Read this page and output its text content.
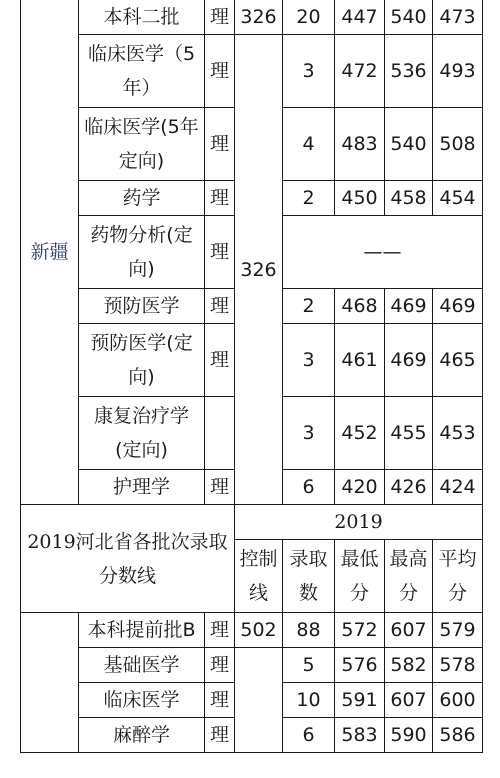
新疆	本科二批	理	326	20	447	540	473
	临床医学（5年）	理	326	3	472	536	493
	临床医学(5年定向)	理		4	483	540	508
	药学	理		2	450	458	454
	药物分析(定向)	理		——			
	预防医学	理		2	468	469	469
	预防医学(定向)	理		3	461	469	465
	康复治疗学(定向)			3	452	455	453
	护理学	理		6	420	426	424
2019河北省各批次录取分数线			2019				
			控制线	录取数	最低分	最高分	平均分
	本科提前批B	理	502	88	572	607	579
	基础医学	理		5	576	582	578
	临床医学	理		10	591	607	600
	麻醉学	理		6	583	590	586
